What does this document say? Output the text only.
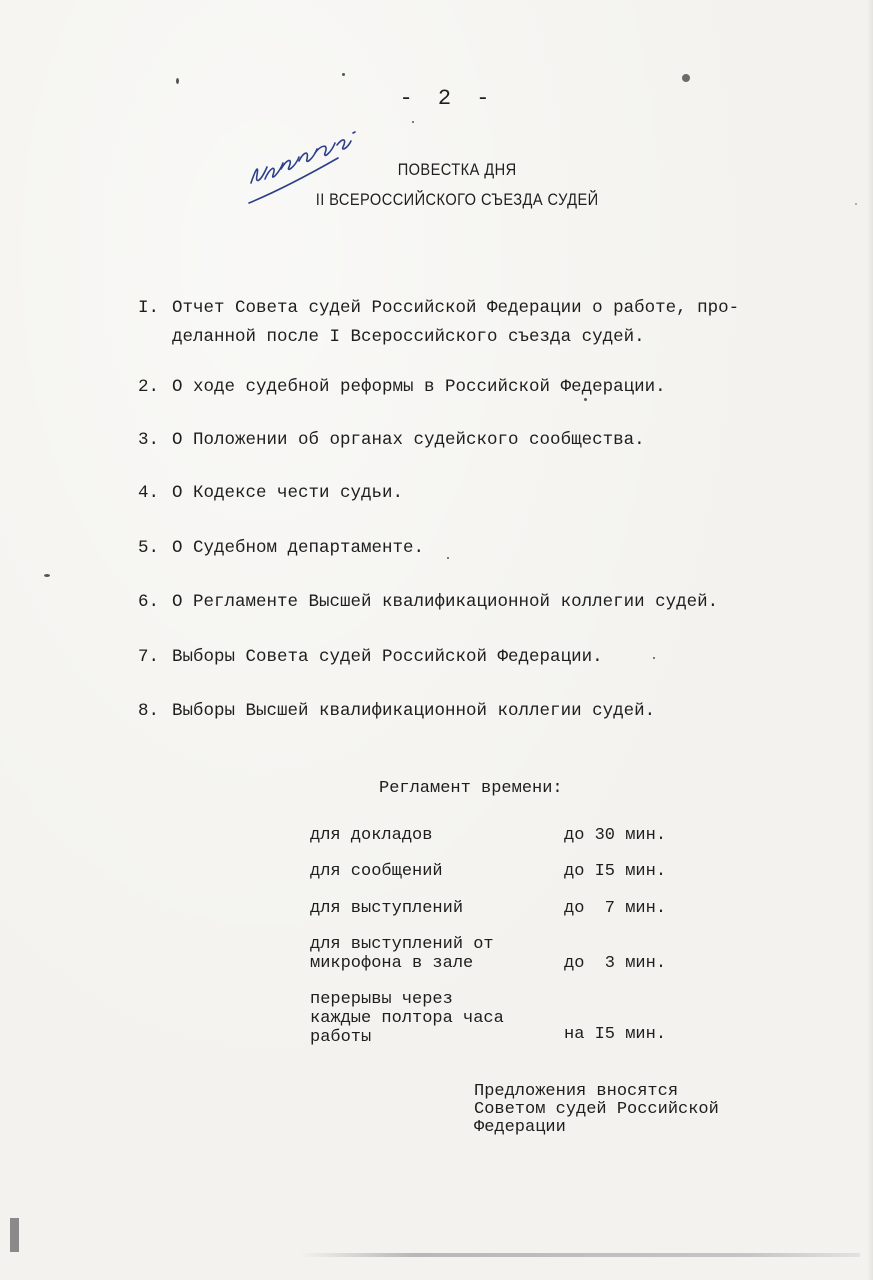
- 2 -
ПОВЕСТКА ДНЯ
II ВСЕРОССИЙСКОГО СЪЕЗДА СУДЕЙ
I. Отчет Совета судей Российской Федерации о работе, про-
деланной после I Всероссийского съезда судей.
2. О ходе судебной реформы в Российской Федерации.
3. О Положении об органах судейского сообщества.
4. О Кодексе чести судьи.
5. О Судебном департаменте.
6. О Регламенте Высшей квалификационной коллегии судей.
7. Выборы Совета судей Российской Федерации.
8. Выборы Высшей квалификационной коллегии судей.
Регламент времени:
для докладов	до 30 мин.
для сообщений	до I5 мин.
для выступлений	до  7 мин.
для выступлений от
микрофона в зале	до  3 мин.
перерывы через
каждые полтора часа
работы	на I5 мин.
Предложения вносятся
Советом судей Российской
Федерации
